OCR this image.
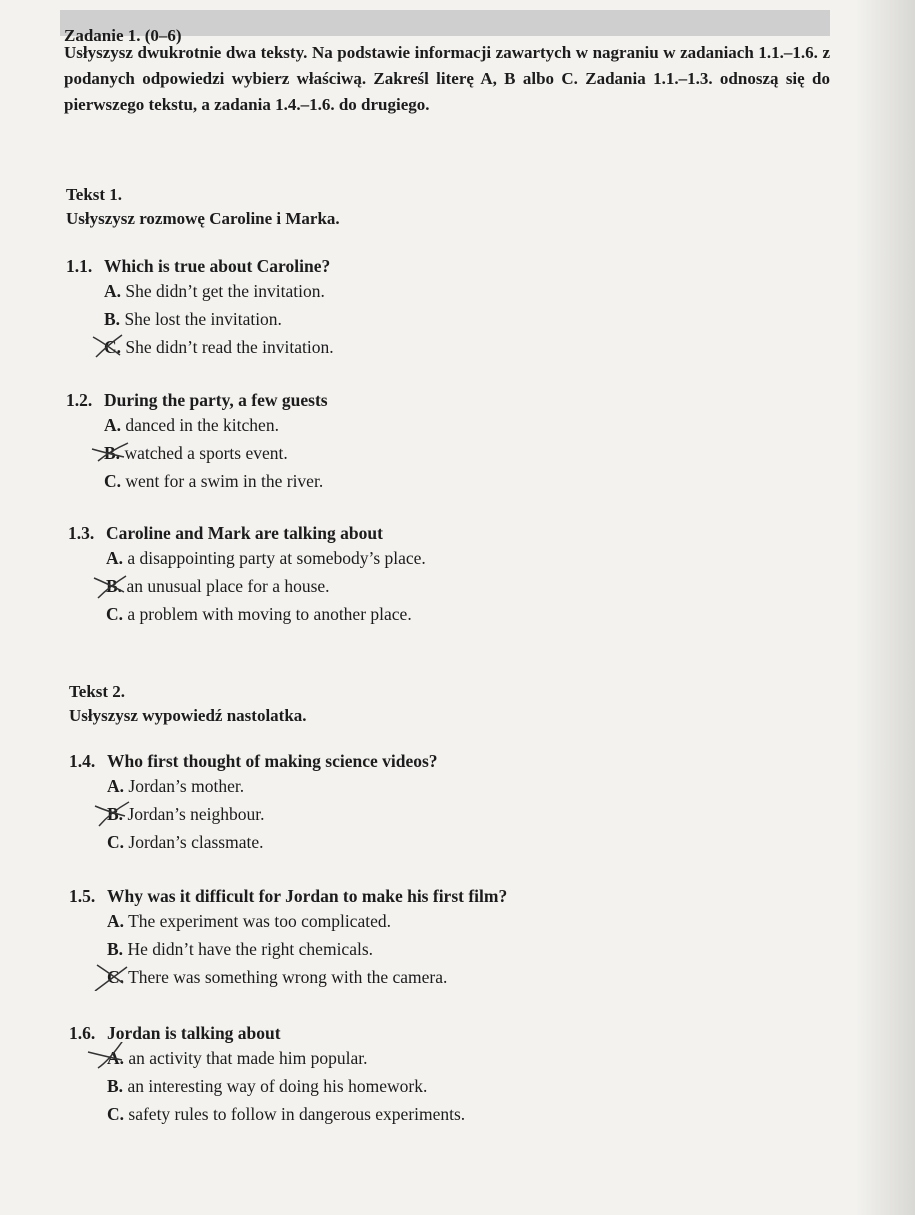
Zadanie 1. (0–6)
Usłyszysz dwukrotnie dwa teksty. Na podstawie informacji zawartych w nagraniu w zadaniach 1.1.–1.6. z podanych odpowiedzi wybierz właściwą. Zakreśl literę A, B albo C. Zadania 1.1.–1.3. odnoszą się do pierwszego tekstu, a zadania 1.4.–1.6. do drugiego.
Tekst 1.
Usłyszysz rozmowę Caroline i Marka.
1.1. Which is true about Caroline?
A. She didn’t get the invitation.
B. She lost the invitation.
C. She didn’t read the invitation.
1.2. During the party, a few guests
A. danced in the kitchen.
B. watched a sports event.
C. went for a swim in the river.
1.3. Caroline and Mark are talking about
A. a disappointing party at somebody’s place.
B. an unusual place for a house.
C. a problem with moving to another place.
Tekst 2.
Usłyszysz wypowiedź nastolatka.
1.4. Who first thought of making science videos?
A. Jordan’s mother.
B. Jordan’s neighbour.
C. Jordan’s classmate.
1.5. Why was it difficult for Jordan to make his first film?
A. The experiment was too complicated.
B. He didn’t have the right chemicals.
C. There was something wrong with the camera.
1.6. Jordan is talking about
A. an activity that made him popular.
B. an interesting way of doing his homework.
C. safety rules to follow in dangerous experiments.
